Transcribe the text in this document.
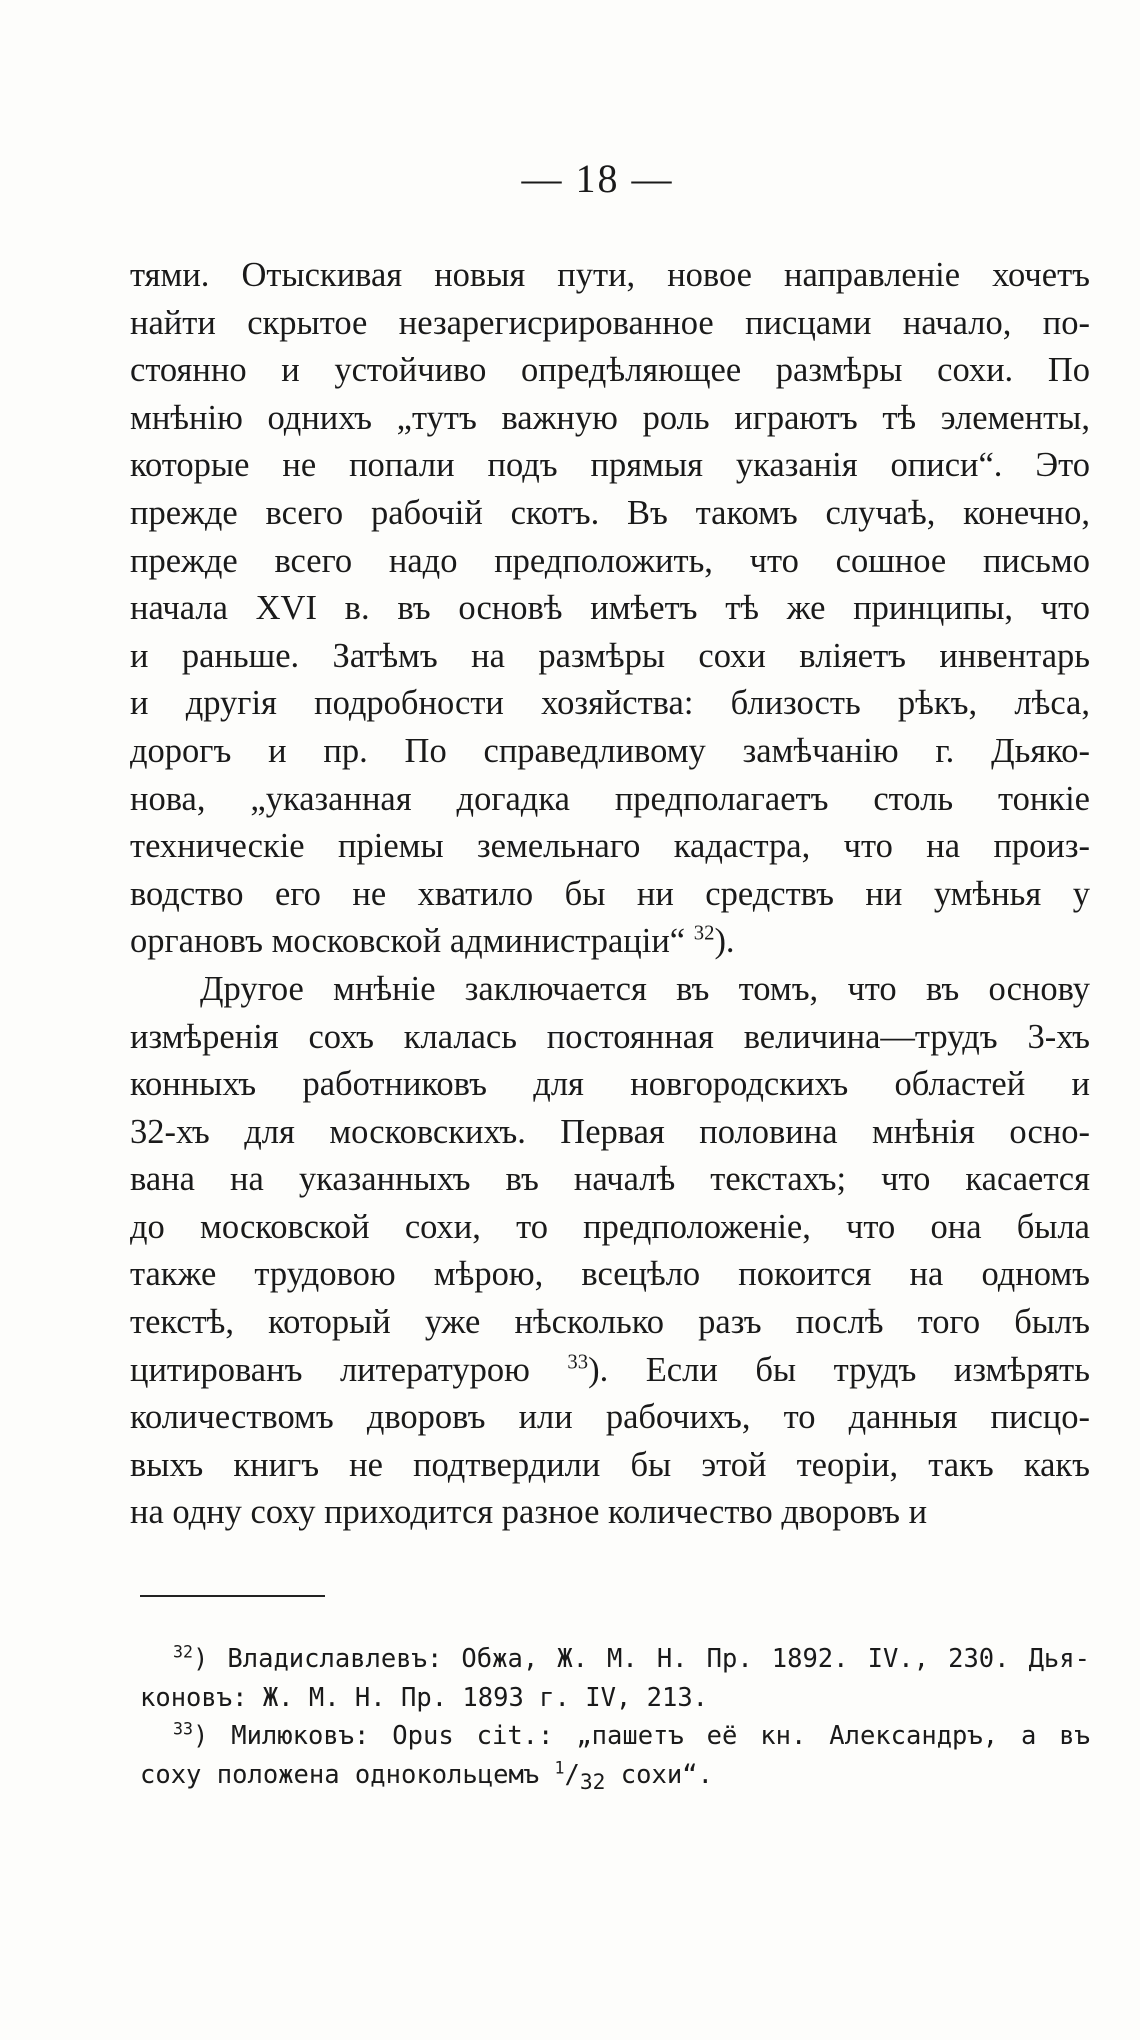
— 18 —
тями. Отыскивая новыя пути, новое направленіе хочетъ
найти скрытое незарегисрированное писцами начало, по-
стоянно и устойчиво опредѣляющее размѣры сохи. По
мнѣнію однихъ „тутъ важную роль играютъ тѣ элементы,
которые не попали подъ прямыя указанія описи“. Это
прежде всего рабочій скотъ. Въ такомъ случаѣ, конечно,
прежде всего надо предположить, что сошное письмо
начала XVI в. въ основѣ имѣетъ тѣ же принципы, что
и раньше. Затѣмъ на размѣры сохи вліяетъ инвентарь
и другія подробности хозяйства: близость рѣкъ, лѣса,
дорогъ и пр. По справедливому замѣчанію г. Дьяко-
нова, „указанная догадка предполагаетъ столь тонкіе
техническіе пріемы земельнаго кадастра, что на произ-
водство его не хватило бы ни средствъ ни умѣнья у
органовъ московской администраціи“ $^{32}$).
Другое мнѣніе заключается въ томъ, что въ основу
измѣренія сохъ клалась постоянная величина—трудъ 3-хъ
конныхъ работниковъ для новгородскихъ областей и
32-хъ для московскихъ. Первая половина мнѣнія осно-
вана на указанныхъ въ началѣ текстахъ; что касается
до московской сохи, то предположеніе, что она была
также трудовою мѣрою, всецѣло покоится на одномъ
текстѣ, который уже нѣсколько разъ послѣ того былъ
цитированъ литературою $^{33}$). Если бы трудъ измѣрять
количествомъ дворовъ или рабочихъ, то данныя писцо-
выхъ книгъ не подтвердили бы этой теоріи, такъ какъ
на одну соху приходится разное количество дворовъ и
$^{32}$) Владиславлевъ: Обжа, Ж. М. Н. Пр. 1892. IV., 230. Дья-
коновъ: Ж. М. Н. Пр. 1893 г. IV, 213.
$^{33}$) Милюковъ: Opus cit.: „пашетъ её кн. Александръ, а въ
соху положена однокольцемъ $^1/_{32}$ сохи“.
